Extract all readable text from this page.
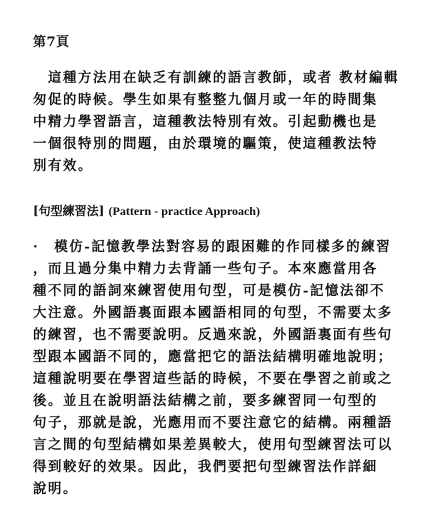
第7頁
　這種方法用在缺乏有訓練的語言教師，或者 教材編輯
匆促的時候。學生如果有整整九個月或一年的時間集
中精力學習語言，這種教法特別有效。引起動機也是
一個很特別的問題，由於環境的驅策，使這種教法特
別有效。
[句型練習法] (Pattern - practice Approach)
·　模仿-記憶教學法對容易的跟困難的作同樣多的練習
，而且過分集中精力去背誦一些句子。本來應當用各
種不同的語詞來練習使用句型，可是模仿-記憶法卻不
大注意。外國語裏面跟本國語相同的句型，不需要太多
的練習，也不需要說明。反過來說，外國語裏面有些句
型跟本國語不同的，應當把它的語法結構明確地說明；
這種說明要在學習這些話的時候，不要在學習之前或之
後。並且在說明語法結構之前，要多練習同一句型的
句子，那就是說，光應用而不要注意它的結構。兩種語
言之間的句型結構如果差異較大，使用句型練習法可以
得到較好的效果。因此，我們要把句型練習法作詳細
說明。
